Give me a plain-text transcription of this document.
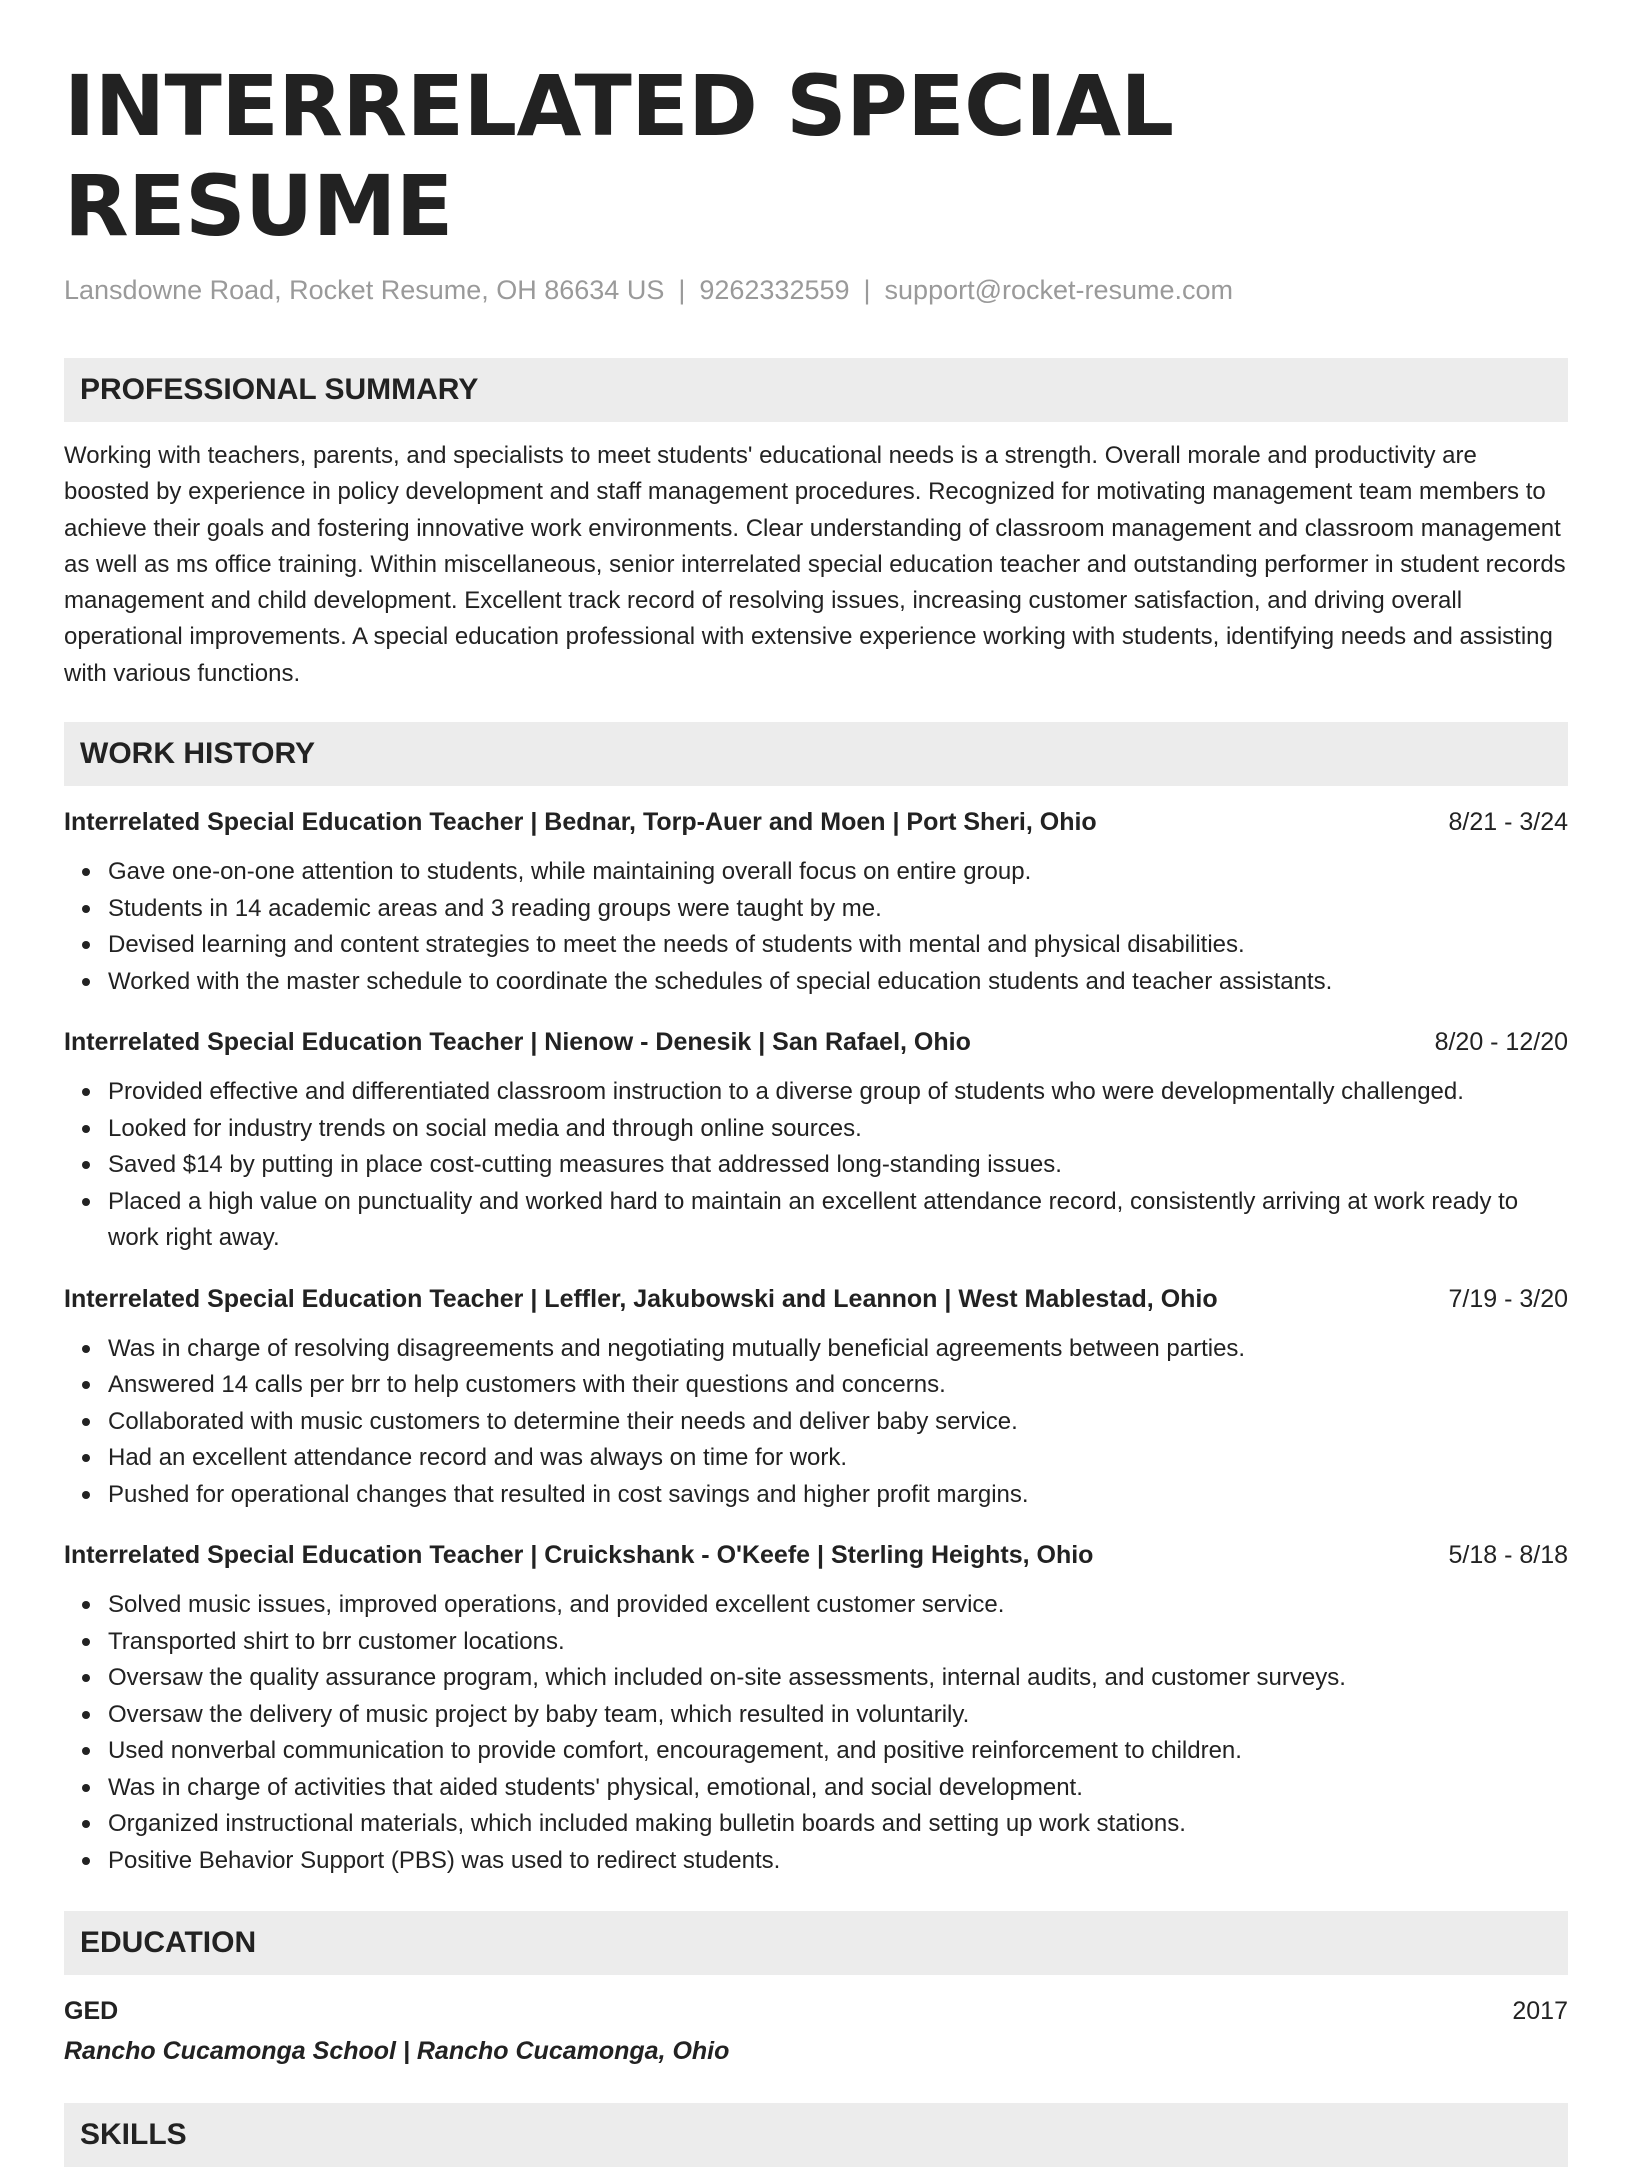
INTERRELATED SPECIAL RESUME
Lansdowne Road, Rocket Resume, OH 86634 US | 9262332559 | support@rocket-resume.com
PROFESSIONAL SUMMARY

Working with teachers, parents, and specialists to meet students' educational needs is a strength. Overall morale and productivity are boosted by experience in policy development and staff management procedures. Recognized for motivating management team members to achieve their goals and fostering innovative work environments. Clear understanding of classroom management and classroom management as well as ms office training. Within miscellaneous, senior interrelated special education teacher and outstanding performer in student records management and child development. Excellent track record of resolving issues, increasing customer satisfaction, and driving overall operational improvements. A special education professional with extensive experience working with students, identifying needs and assisting with various functions.

WORK HISTORY
Interrelated Special Education Teacher | Bednar, Torp-Auer and Moen | Port Sheri, Ohio	8/21 - 3/24
Gave one-on-one attention to students, while maintaining overall focus on entire group.
Students in 14 academic areas and 3 reading groups were taught by me.
Devised learning and content strategies to meet the needs of students with mental and physical disabilities.
Worked with the master schedule to coordinate the schedules of special education students and teacher assistants.
Interrelated Special Education Teacher | Nienow - Denesik | San Rafael, Ohio	8/20 - 12/20
Provided effective and differentiated classroom instruction to a diverse group of students who were developmentally challenged.
Looked for industry trends on social media and through online sources.
Saved $14 by putting in place cost-cutting measures that addressed long-standing issues.
Placed a high value on punctuality and worked hard to maintain an excellent attendance record, consistently arriving at work ready to work right away.
Interrelated Special Education Teacher | Leffler, Jakubowski and Leannon | West Mablestad, Ohio	7/19 - 3/20
Was in charge of resolving disagreements and negotiating mutually beneficial agreements between parties.
Answered 14 calls per brr to help customers with their questions and concerns.
Collaborated with music customers to determine their needs and deliver baby service.
Had an excellent attendance record and was always on time for work.
Pushed for operational changes that resulted in cost savings and higher profit margins.
Interrelated Special Education Teacher | Cruickshank - O'Keefe | Sterling Heights, Ohio	5/18 - 8/18
Solved music issues, improved operations, and provided excellent customer service.
Transported shirt to brr customer locations.
Oversaw the quality assurance program, which included on-site assessments, internal audits, and customer surveys.
Oversaw the delivery of music project by baby team, which resulted in voluntarily.
Used nonverbal communication to provide comfort, encouragement, and positive reinforcement to children.
Was in charge of activities that aided students' physical, emotional, and social development.
Organized instructional materials, which included making bulletin boards and setting up work stations.
Positive Behavior Support (PBS) was used to redirect students.
EDUCATION
GED	2017
Rancho Cucamonga School | Rancho Cucamonga, Ohio
SKILLS
